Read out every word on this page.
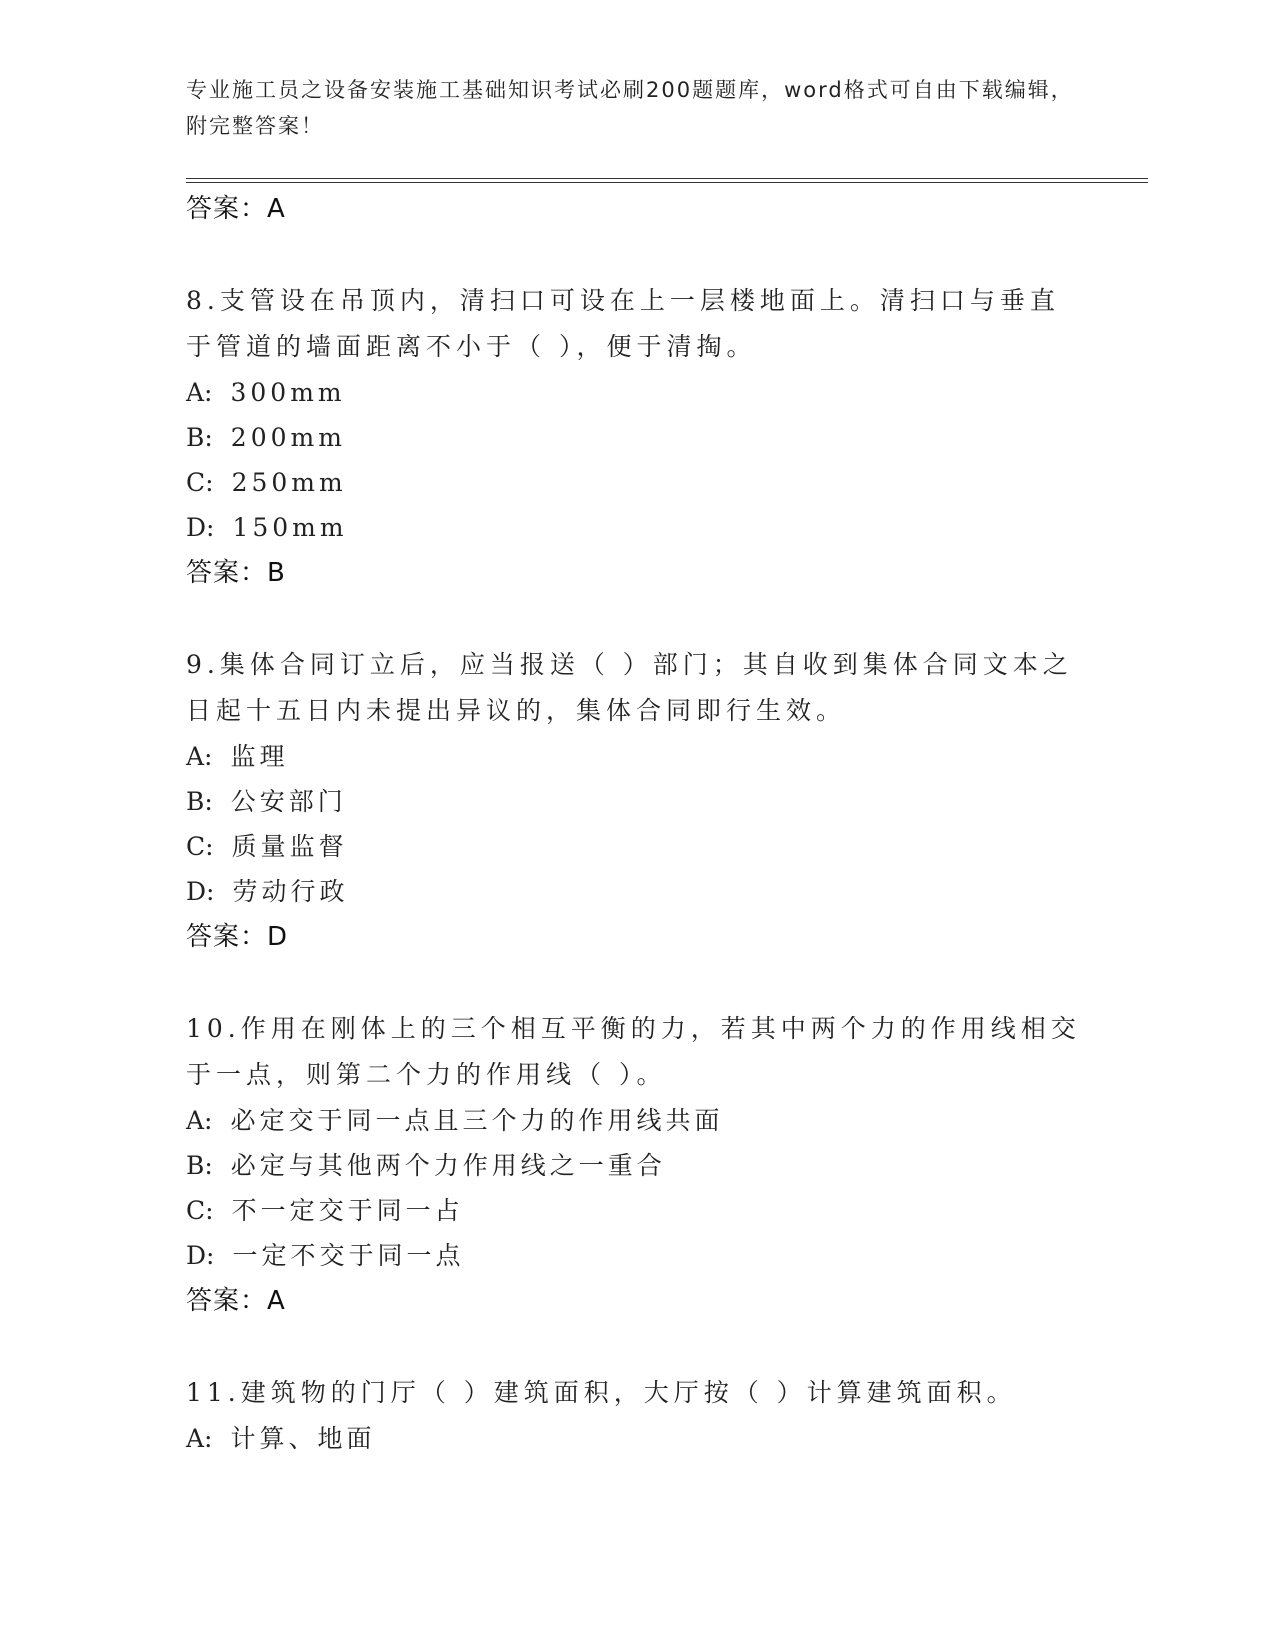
专业施工员之设备安装施工基础知识考试必刷200题题库，word格式可自由下载编辑，附完整答案！

答案：A

8.支管设在吊顶内，清扫口可设在上一层楼地面上。清扫口与垂直于管道的墙面距离不小于（ ），便于清掏。

A: 300mm

B: 200mm

C: 250mm

D: 150mm

答案：B

9.集体合同订立后，应当报送（ ）部门；其自收到集体合同文本之日起十五日内未提出异议的，集体合同即行生效。

A: 监理

B: 公安部门

C: 质量监督

D: 劳动行政

答案：D

10.作用在刚体上的三个相互平衡的力，若其中两个力的作用线相交于一点，则第二个力的作用线（ ）。

A: 必定交于同一点且三个力的作用线共面

B: 必定与其他两个力作用线之一重合

C: 不一定交于同一占

D: 一定不交于同一点

答案：A

11.建筑物的门厅（ ）建筑面积，大厅按（ ）计算建筑面积。

A: 计算、地面
